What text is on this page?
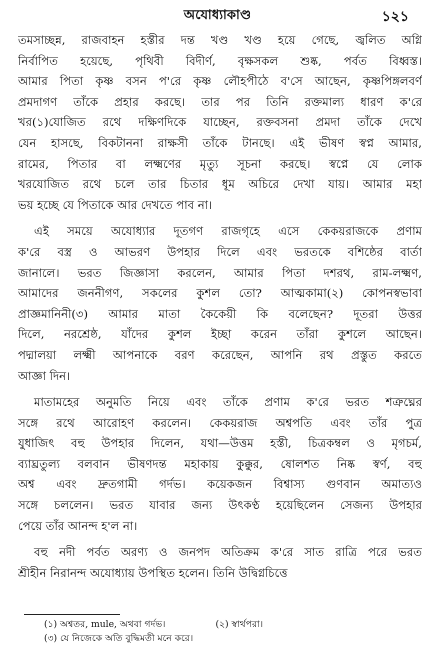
অযোধ্যাকাণ্ড	১২১
তমসাচ্ছন্ন, রাজবাহন হস্তীর দন্ত খণ্ড খণ্ড হয়ে গেছে, জ্বলিত অগ্নি
নির্বাপিত হয়েছে, পৃথিবী বিদীর্ণ, বৃক্ষসকল শুষ্ক, পর্বত বিধ্বস্ত।
আমার পিতা কৃষ্ণ বসন প'রে কৃষ্ণ লৌহপীঠে ব'সে আছেন, কৃষ্ণপিঙ্গলবর্ণ
প্রমদাগণ তাঁকে প্রহার করছে। তার পর তিনি রক্তমাল্য ধারণ ক'রে
খর(১)যোজিত রথে দক্ষিণদিকে যাচ্ছেন, রক্তবসনা প্রমদা তাঁকে দেখে
যেন হাসছে, বিকটাননা রাক্ষসী তাঁকে টানছে। এই ভীষণ স্বপ্ন আমার,
রামের, পিতার বা লক্ষ্মণের মৃত্যু সূচনা করছে। স্বপ্নে যে লোক
খরযোজিত রথে চলে তার চিতার ধূম অচিরে দেখা যায়। আমার মহা
ভয় হচ্ছে যে পিতাকে আর দেখতে পাব না।
এই সময়ে অযোধ্যার দূতগণ রাজগৃহে এসে কেকয়রাজকে প্রণাম
ক'রে বস্ত্র ও আভরণ উপহার দিলে এবং ভরতকে বশিষ্ঠের বার্তা
জানালে। ভরত জিজ্ঞাসা করলেন, আমার পিতা দশরথ, রাম-লক্ষ্মণ,
আমাদের জননীগণ, সকলের কুশল তো? আত্মকামা(২) কোপনস্বভাবা
প্রাজ্ঞমানিনী(৩) আমার মাতা কৈকেয়ী কি বলেছেন? দূতরা উত্তর
দিলে, নরশ্রেষ্ঠ, যাঁদের কুশল ইচ্ছা করেন তাঁরা কুশলে আছেন।
পদ্মালয়া লক্ষ্মী আপনাকে বরণ করেছেন, আপনি রথ প্রস্তুত করতে
আজ্ঞা দিন।
মাতামহের অনুমতি নিয়ে এবং তাঁকে প্রণাম ক'রে ভরত শত্রুঘ্নের
সঙ্গে রথে আরোহণ করলেন। কেকয়রাজ অশ্বপতি এবং তাঁর পুত্র
যুধাজিৎ বহু উপহার দিলেন, যথা—উত্তম হস্তী, চিত্রকম্বল ও মৃগচর্ম,
ব্যাঘ্রতুল্য বলবান ভীষণদন্ত মহাকায় কুক্কুর, ষোলশত নিষ্ক স্বর্ণ, বহু
অশ্ব এবং দ্রুতগামী গর্দভ। কয়েকজন বিশ্বাস্য গুণবান অমাত্যও
সঙ্গে চললেন। ভরত যাবার জন্য উৎকণ্ঠ হয়েছিলেন সেজন্য উপহার
পেয়ে তাঁর আনন্দ হ'ল না।
বহু নদী পর্বত অরণ্য ও জনপদ অতিক্রম ক'রে সাত রাত্রি পরে ভরত
শ্রীহীন নিরানন্দ অযোধ্যায় উপস্থিত হলেন। তিনি উদ্বিগ্নচিত্তে
(১) অশ্বতর, mule, অথবা গর্দভ।	(২) স্বার্থপরা।
(৩) যে নিজেকে অতি বুদ্ধিমতী মনে করে।
